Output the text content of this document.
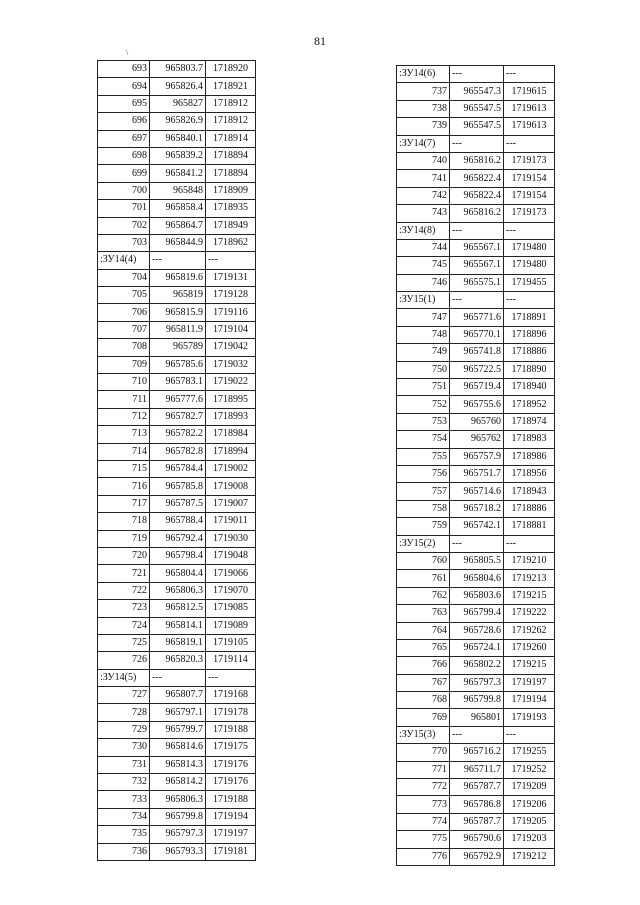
81
\
693	965803.7	1718920
694	965826.4	1718921
695	965827	1718912
696	965826.9	1718912
697	965840.1	1718914
698	965839.2	1718894
699	965841.2	1718894
700	965848	1718909
701	965858.4	1718935
702	965864.7	1718949
703	965844.9	1718962
:ЗУ14(4)	---	---
704	965819.6	1719131
705	965819	1719128
706	965815.9	1719116
707	965811.9	1719104
708	965789	1719042
709	965785.6	1719032
710	965783.1	1719022
711	965777.6	1718995
712	965782.7	1718993
713	965782.2	1718984
714	965782.8	1718994
715	965784.4	1719002
716	965785.8	1719008
717	965787.5	1719007
718	965788.4	1719011
719	965792.4	1719030
720	965798.4	1719048
721	965804.4	1719066
722	965806.3	1719070
723	965812.5	1719085
724	965814.1	1719089
725	965819.1	1719105
726	965820.3	1719114
:ЗУ14(5)	---	---
727	965807.7	1719168
728	965797.1	1719178
729	965799.7	1719188
730	965814.6	1719175
731	965814.3	1719176
732	965814.2	1719176
733	965806.3	1719188
734	965799.8	1719194
735	965797.3	1719197
736	965793.3	1719181
:ЗУ14(6)	---	---
737	965547.3	1719615
738	965547.5	1719613
739	965547.5	1719613
:ЗУ14(7)	---	---
740	965816.2	1719173
741	965822.4	1719154
742	965822.4	1719154
743	965816.2	1719173
:ЗУ14(8)	---	---
744	965567.1	1719480
745	965567.1	1719480
746	965575.1	1719455
:ЗУ15(1)	---	---
747	965771.6	1718891
748	965770.1	1718896
749	965741.8	1718886
750	965722.5	1718890
751	965719.4	1718940
752	965755.6	1718952
753	965760	1718974
754	965762	1718983
755	965757.9	1718986
756	965751.7	1718956
757	965714.6	1718943
758	965718.2	1718886
759	965742.1	1718881
:ЗУ15(2)	---	---
760	965805.5	1719210
761	965804.6	1719213
762	965803.6	1719215
763	965799.4	1719222
764	965728.6	1719262
765	965724.1	1719260
766	965802.2	1719215
767	965797.3	1719197
768	965799.8	1719194
769	965801	1719193
:ЗУ15(3)	---	---
770	965716.2	1719255
771	965711.7	1719252
772	965787.7	1719209
773	965786.8	1719206
774	965787.7	1719205
775	965790.6	1719203
776	965792.9	1719212
